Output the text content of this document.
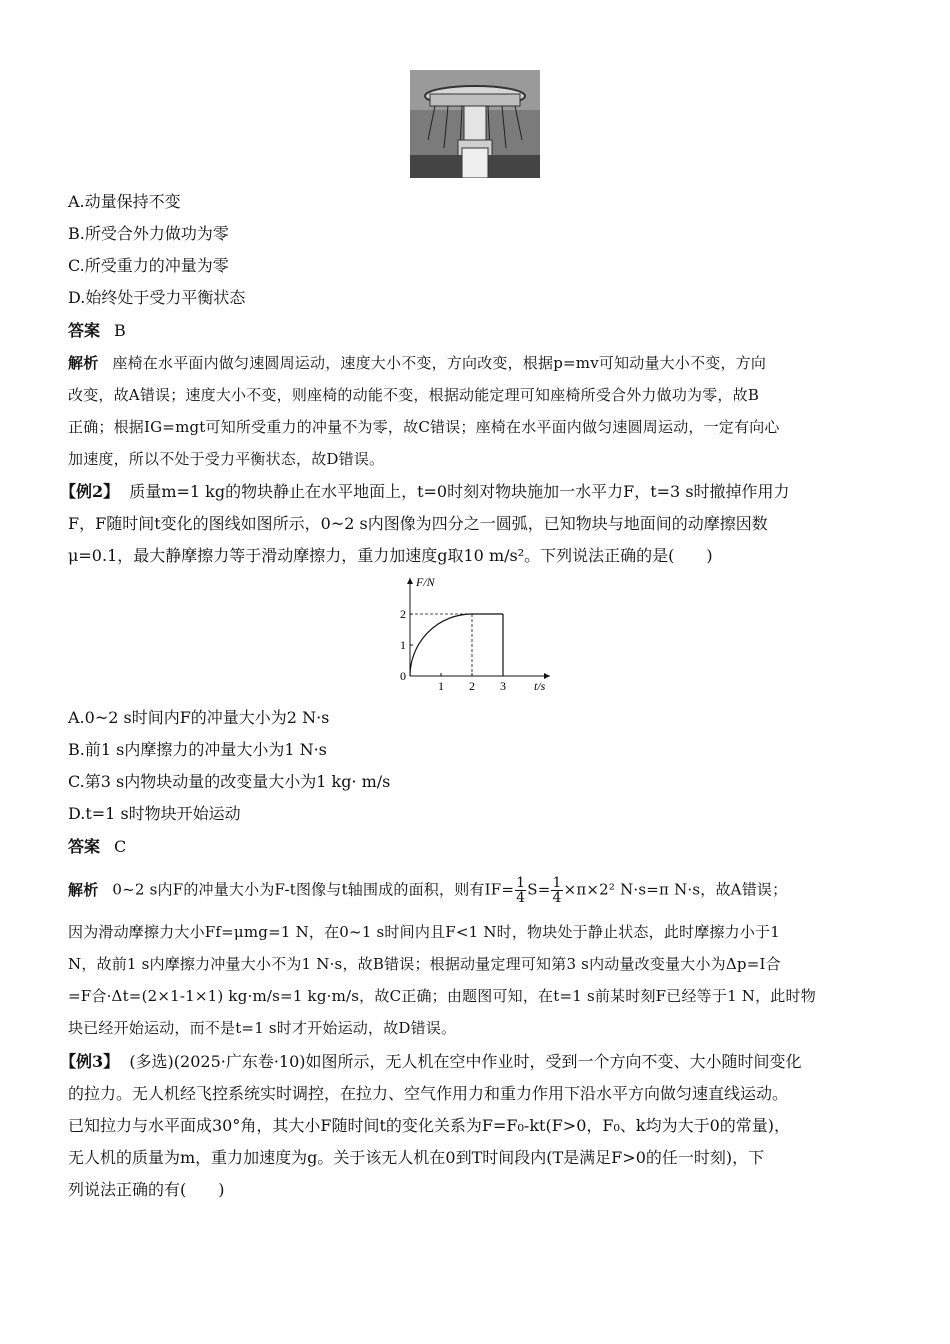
A.动量保持不变
B.所受合外力做功为零
C.所受重力的冲量为零
D.始终处于受力平衡状态
答案 B
解析 座椅在水平面内做匀速圆周运动，速度大小不变，方向改变，根据p=mv可知动量大小不变，方向
改变，故A错误；速度大小不变，则座椅的动能不变，根据动能定理可知座椅所受合外力做功为零，故B
正确；根据IG=mgt可知所受重力的冲量不为零，故C错误；座椅在水平面内做匀速圆周运动，一定有向心
加速度，所以不处于受力平衡状态，故D错误。
【例2】 质量m=1 kg的物块静止在水平地面上，t=0时刻对物块施加一水平力F，t=3 s时撤掉作用力
F，F随时间t变化的图线如图所示，0~2 s内图像为四分之一圆弧，已知物块与地面间的动摩擦因数
μ=0.1，最大静摩擦力等于滑动摩擦力，重力加速度g取10 m/s²。下列说法正确的是(　　)
F/N
t/s
0
1 2 3
1
2
A.0~2 s时间内F的冲量大小为2 N·s
B.前1 s内摩擦力的冲量大小为1 N·s
C.第3 s内物块动量的改变量大小为1 kg· m/s
D.t=1 s时物块开始运动
答案 C
解析 0~2 s内F的冲量大小为F-t图像与t轴围成的面积，则有$IF= \frac{1}{4} S= \frac{1}{4} \times\pi\times 2^2$ N·s=π N·s，故A错误；
因为滑动摩擦力大小Ff=μmg=1 N，在0~1 s时间内且F<1 N时，物块处于静止状态，此时摩擦力小于1
N，故前1 s内摩擦力冲量大小不为1 N·s，故B错误；根据动量定理可知第3 s内动量改变量大小为Δp=I合
=F合·Δt=(2×1-1×1) kg·m/s=1 kg·m/s，故C正确；由题图可知，在t=1 s前某时刻F已经等于1 N，此时物
块已经开始运动，而不是t=1 s时才开始运动，故D错误。
【例3】 (多选)(2025·广东卷·10)如图所示，无人机在空中作业时，受到一个方向不变、大小随时间变化
的拉力。无人机经飞控系统实时调控，在拉力、空气作用力和重力作用下沿水平方向做匀速直线运动。
已知拉力与水平面成30°角，其大小F随时间t的变化关系为F=F₀-kt(F>0，F₀、k均为大于0的常量)，
无人机的质量为m，重力加速度为g。关于该无人机在0到T时间段内(T是满足F>0的任一时刻)，下
列说法正确的有(　　)
